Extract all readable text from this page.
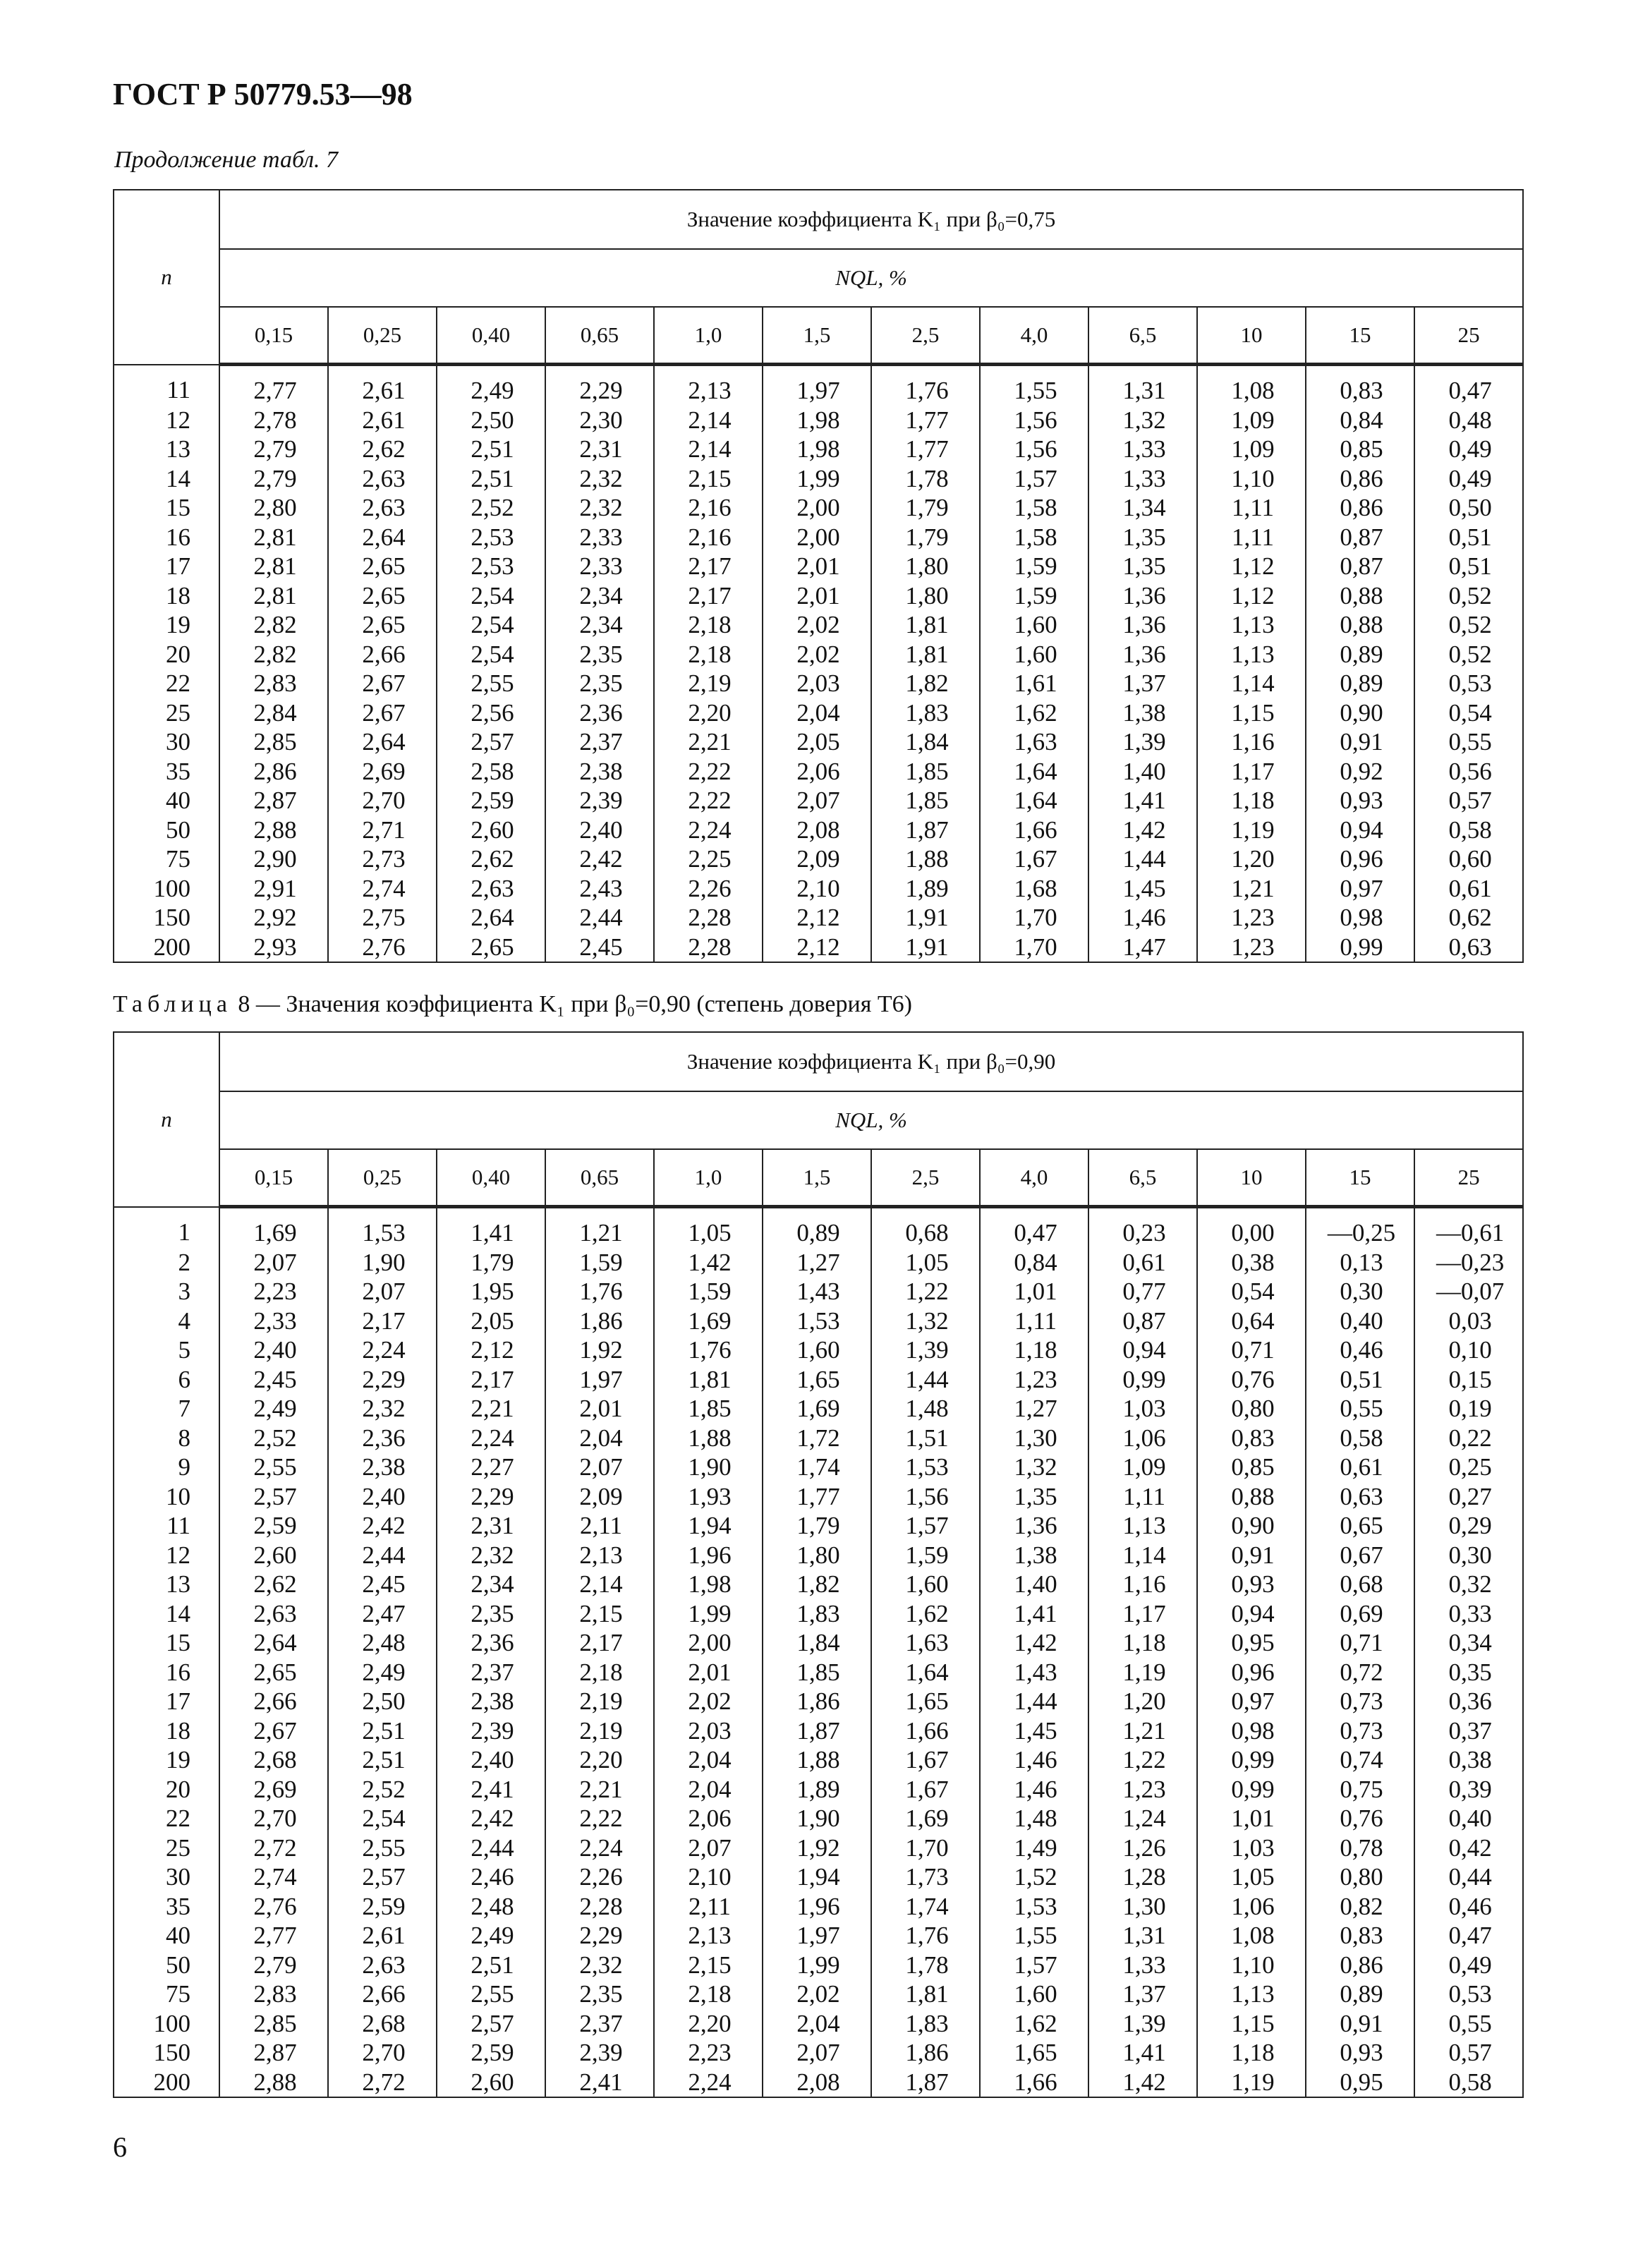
ГОСТ Р 50779.53—98
Продолжение табл. 7
n	Значение коэффициента K₁ при β₀=0,75											
	NQL, %											
	0,15	0,25	0,40	0,65	1,0	1,5	2,5	4,0	6,5	10	15	25
11	2,77	2,61	2,49	2,29	2,13	1,97	1,76	1,55	1,31	1,08	0,83	0,47
12	2,78	2,61	2,50	2,30	2,14	1,98	1,77	1,56	1,32	1,09	0,84	0,48
13	2,79	2,62	2,51	2,31	2,14	1,98	1,77	1,56	1,33	1,09	0,85	0,49
14	2,79	2,63	2,51	2,32	2,15	1,99	1,78	1,57	1,33	1,10	0,86	0,49
15	2,80	2,63	2,52	2,32	2,16	2,00	1,79	1,58	1,34	1,11	0,86	0,50
16	2,81	2,64	2,53	2,33	2,16	2,00	1,79	1,58	1,35	1,11	0,87	0,51
17	2,81	2,65	2,53	2,33	2,17	2,01	1,80	1,59	1,35	1,12	0,87	0,51
18	2,81	2,65	2,54	2,34	2,17	2,01	1,80	1,59	1,36	1,12	0,88	0,52
19	2,82	2,65	2,54	2,34	2,18	2,02	1,81	1,60	1,36	1,13	0,88	0,52
20	2,82	2,66	2,54	2,35	2,18	2,02	1,81	1,60	1,36	1,13	0,89	0,52
22	2,83	2,67	2,55	2,35	2,19	2,03	1,82	1,61	1,37	1,14	0,89	0,53
25	2,84	2,67	2,56	2,36	2,20	2,04	1,83	1,62	1,38	1,15	0,90	0,54
30	2,85	2,64	2,57	2,37	2,21	2,05	1,84	1,63	1,39	1,16	0,91	0,55
35	2,86	2,69	2,58	2,38	2,22	2,06	1,85	1,64	1,40	1,17	0,92	0,56
40	2,87	2,70	2,59	2,39	2,22	2,07	1,85	1,64	1,41	1,18	0,93	0,57
50	2,88	2,71	2,60	2,40	2,24	2,08	1,87	1,66	1,42	1,19	0,94	0,58
75	2,90	2,73	2,62	2,42	2,25	2,09	1,88	1,67	1,44	1,20	0,96	0,60
100	2,91	2,74	2,63	2,43	2,26	2,10	1,89	1,68	1,45	1,21	0,97	0,61
150	2,92	2,75	2,64	2,44	2,28	2,12	1,91	1,70	1,46	1,23	0,98	0,62
200	2,93	2,76	2,65	2,45	2,28	2,12	1,91	1,70	1,47	1,23	0,99	0,63
Таблица 8 — Значения коэффициента K₁ при β₀=0,90 (степень доверия Т6)
n	Значение коэффициента K₁ при β₀=0,90											
	NQL, %											
	0,15	0,25	0,40	0,65	1,0	1,5	2,5	4,0	6,5	10	15	25
1	1,69	1,53	1,41	1,21	1,05	0,89	0,68	0,47	0,23	0,00	—0,25	—0,61
2	2,07	1,90	1,79	1,59	1,42	1,27	1,05	0,84	0,61	0,38	0,13	—0,23
3	2,23	2,07	1,95	1,76	1,59	1,43	1,22	1,01	0,77	0,54	0,30	—0,07
4	2,33	2,17	2,05	1,86	1,69	1,53	1,32	1,11	0,87	0,64	0,40	0,03
5	2,40	2,24	2,12	1,92	1,76	1,60	1,39	1,18	0,94	0,71	0,46	0,10
6	2,45	2,29	2,17	1,97	1,81	1,65	1,44	1,23	0,99	0,76	0,51	0,15
7	2,49	2,32	2,21	2,01	1,85	1,69	1,48	1,27	1,03	0,80	0,55	0,19
8	2,52	2,36	2,24	2,04	1,88	1,72	1,51	1,30	1,06	0,83	0,58	0,22
9	2,55	2,38	2,27	2,07	1,90	1,74	1,53	1,32	1,09	0,85	0,61	0,25
10	2,57	2,40	2,29	2,09	1,93	1,77	1,56	1,35	1,11	0,88	0,63	0,27
11	2,59	2,42	2,31	2,11	1,94	1,79	1,57	1,36	1,13	0,90	0,65	0,29
12	2,60	2,44	2,32	2,13	1,96	1,80	1,59	1,38	1,14	0,91	0,67	0,30
13	2,62	2,45	2,34	2,14	1,98	1,82	1,60	1,40	1,16	0,93	0,68	0,32
14	2,63	2,47	2,35	2,15	1,99	1,83	1,62	1,41	1,17	0,94	0,69	0,33
15	2,64	2,48	2,36	2,17	2,00	1,84	1,63	1,42	1,18	0,95	0,71	0,34
16	2,65	2,49	2,37	2,18	2,01	1,85	1,64	1,43	1,19	0,96	0,72	0,35
17	2,66	2,50	2,38	2,19	2,02	1,86	1,65	1,44	1,20	0,97	0,73	0,36
18	2,67	2,51	2,39	2,19	2,03	1,87	1,66	1,45	1,21	0,98	0,73	0,37
19	2,68	2,51	2,40	2,20	2,04	1,88	1,67	1,46	1,22	0,99	0,74	0,38
20	2,69	2,52	2,41	2,21	2,04	1,89	1,67	1,46	1,23	0,99	0,75	0,39
22	2,70	2,54	2,42	2,22	2,06	1,90	1,69	1,48	1,24	1,01	0,76	0,40
25	2,72	2,55	2,44	2,24	2,07	1,92	1,70	1,49	1,26	1,03	0,78	0,42
30	2,74	2,57	2,46	2,26	2,10	1,94	1,73	1,52	1,28	1,05	0,80	0,44
35	2,76	2,59	2,48	2,28	2,11	1,96	1,74	1,53	1,30	1,06	0,82	0,46
40	2,77	2,61	2,49	2,29	2,13	1,97	1,76	1,55	1,31	1,08	0,83	0,47
50	2,79	2,63	2,51	2,32	2,15	1,99	1,78	1,57	1,33	1,10	0,86	0,49
75	2,83	2,66	2,55	2,35	2,18	2,02	1,81	1,60	1,37	1,13	0,89	0,53
100	2,85	2,68	2,57	2,37	2,20	2,04	1,83	1,62	1,39	1,15	0,91	0,55
150	2,87	2,70	2,59	2,39	2,23	2,07	1,86	1,65	1,41	1,18	0,93	0,57
200	2,88	2,72	2,60	2,41	2,24	2,08	1,87	1,66	1,42	1,19	0,95	0,58
6
